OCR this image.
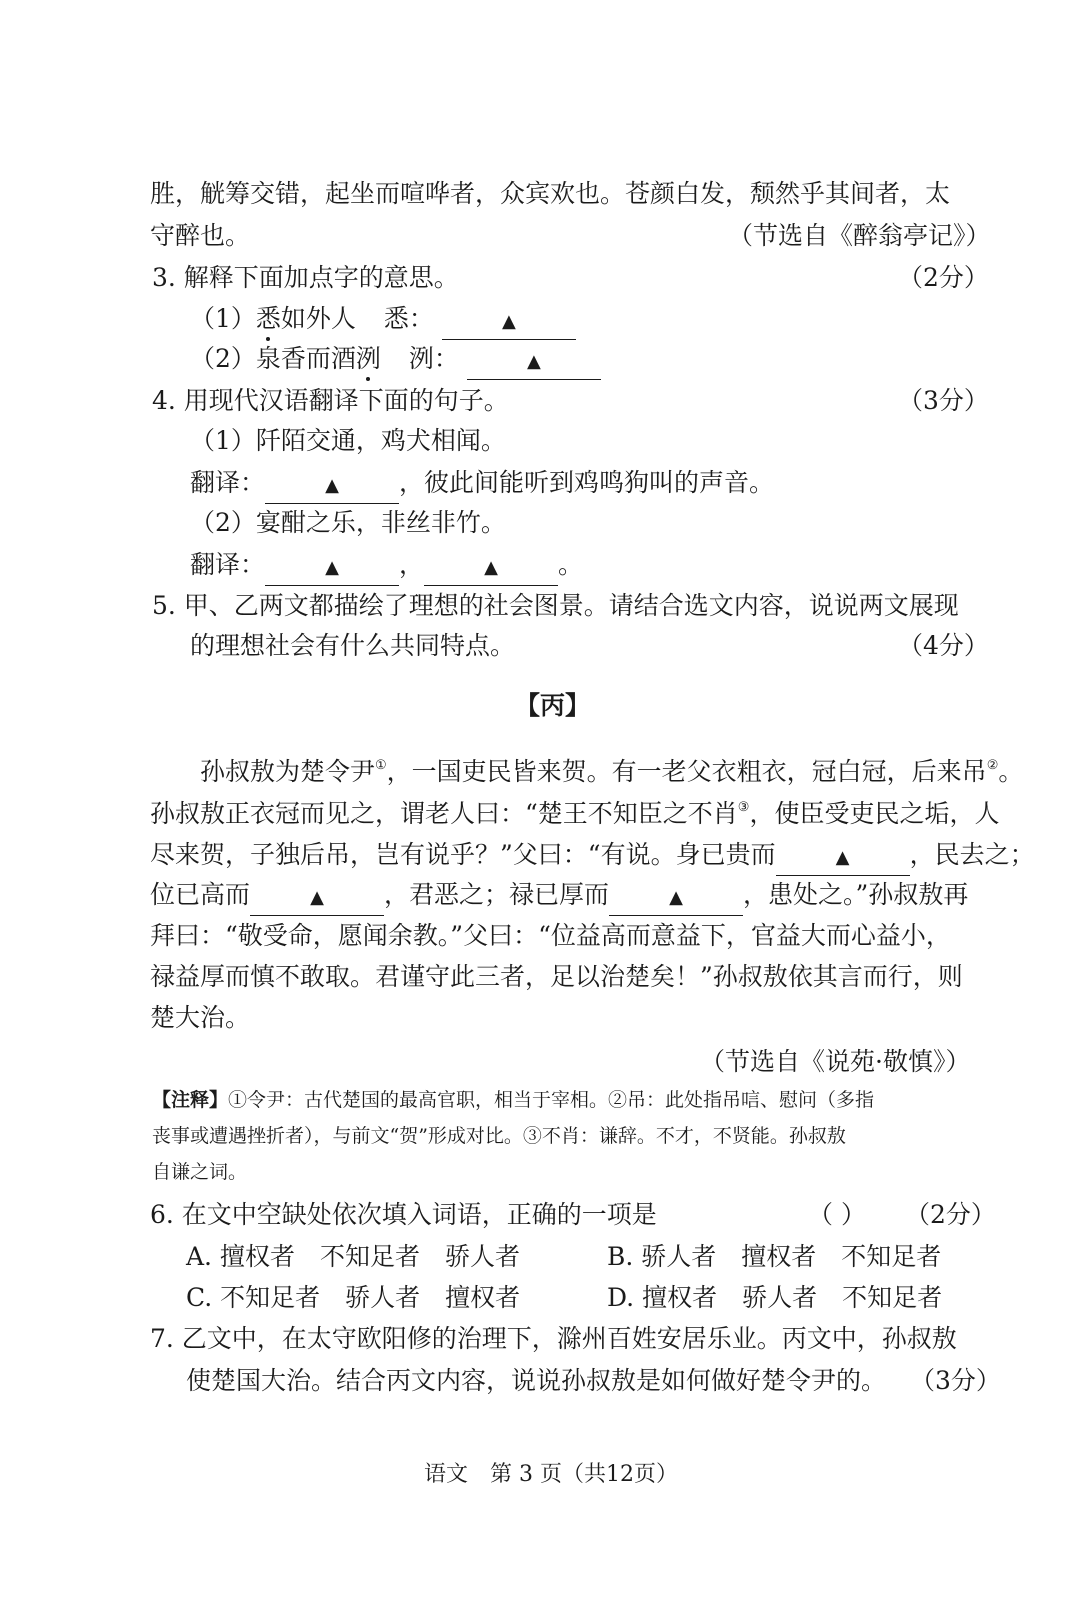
胜，觥筹交错，起坐而喧哗者，众宾欢也。苍颜白发，颓然乎其间者，太
守醉也。	（节选自《醉翁亭记》）
3. 解释下面加点字的意思。	（2分）
（1）悉如外人 悉：	▲
（2）泉香而酒洌 洌：	▲
4. 用现代汉语翻译下面的句子。	（3分）
（1）阡陌交通，鸡犬相闻。
翻译：	▲ ，彼此间能听到鸡鸣狗叫的声音。
（2）宴酣之乐，非丝非竹。
翻译：	▲ ，	▲ 。
5. 甲、乙两文都描绘了理想的社会图景。请结合选文内容，说说两文展现
的理想社会有什么共同特点。	（4分）
【丙】
孙叔敖为楚令尹①，一国吏民皆来贺。有一老父衣粗衣，冠白冠，后来吊②。
孙叔敖正衣冠而见之，谓老人曰：“楚王不知臣之不肖③，使臣受吏民之垢，人
尽来贺，子独后吊，岂有说乎？”父曰：“有说。身已贵而	▲ ，民去之；
位已高而	▲ ，君恶之；禄已厚而	▲ ，患处之。”孙叔敖再
拜曰：“敬受命，愿闻余教。”父曰：“位益高而意益下，官益大而心益小，
禄益厚而慎不敢取。君谨守此三者，足以治楚矣！”孙叔敖依其言而行，则
楚大治。
（节选自《说苑·敬慎》）
【注释】①令尹：古代楚国的最高官职，相当于宰相。②吊：此处指吊唁、慰问（多指
丧事或遭遇挫折者），与前文“贺”形成对比。③不肖：谦辞。不才，不贤能。孙叔敖
自谦之词。
6. 在文中空缺处依次填入词语，正确的一项是	（ ） （2分）
A. 擅权者　不知足者　骄人者	B. 骄人者　擅权者　不知足者
C. 不知足者　骄人者　擅权者	D. 擅权者　骄人者　不知足者
7. 乙文中，在太守欧阳修的治理下，滁州百姓安居乐业。丙文中，孙叔敖
使楚国大治。结合丙文内容，说说孙叔敖是如何做好楚令尹的。 （3分）
语文　第 3 页（共12页）
